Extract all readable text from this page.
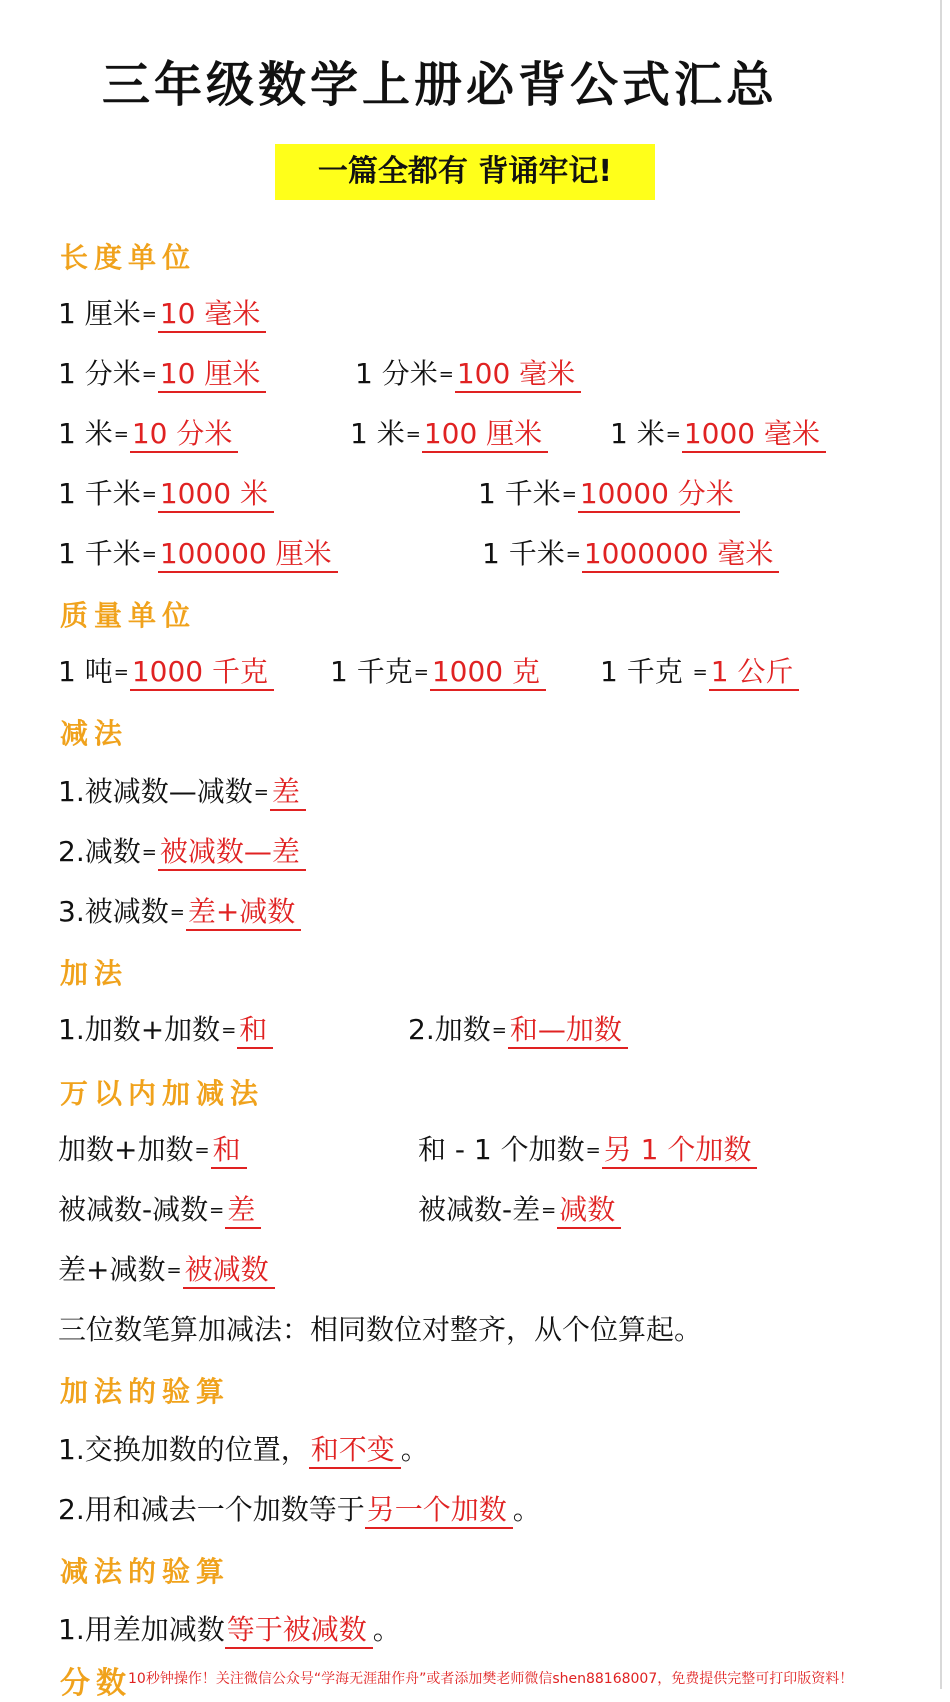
三年级数学上册必背公式汇总
一篇全都有 背诵牢记!
长度单位
1 厘米= 10 毫米
1 分米= 10 厘米	1 分米= 100 毫米
1 米= 10 分米	1 米= 100 厘米 1 米= 1000 毫米
1 千米= 1000 米	1 千米= 10000 分米
1 千米= 100000 厘米	1 千米= 1000000 毫米
质量单位
1 吨= 1000 千克 1 千克= 1000 克 1 千克 = 1 公斤
减法
1.被减数—减数= 差
2.减数= 被减数—差
3.被减数= 差+减数
加法
1.加数+加数= 和	2.加数= 和—加数
万以内加减法
加数+加数= 和	和 - 1 个加数= 另 1 个加数
被减数-减数= 差	被减数-差= 减数
差+减数= 被减数
三位数笔算加减法：相同数位对整齐，从个位算起。
加法的验算
1.交换加数的位置，和不变 。
2.用和减去一个加数等于另一个加数 。
减法的验算
1.用差加减数等于被减数 。
分数
10秒钟操作！关注微信公众号“学海无涯甜作舟”或者添加樊老师微信shen88168007，免费提供完整可打印版资料！
